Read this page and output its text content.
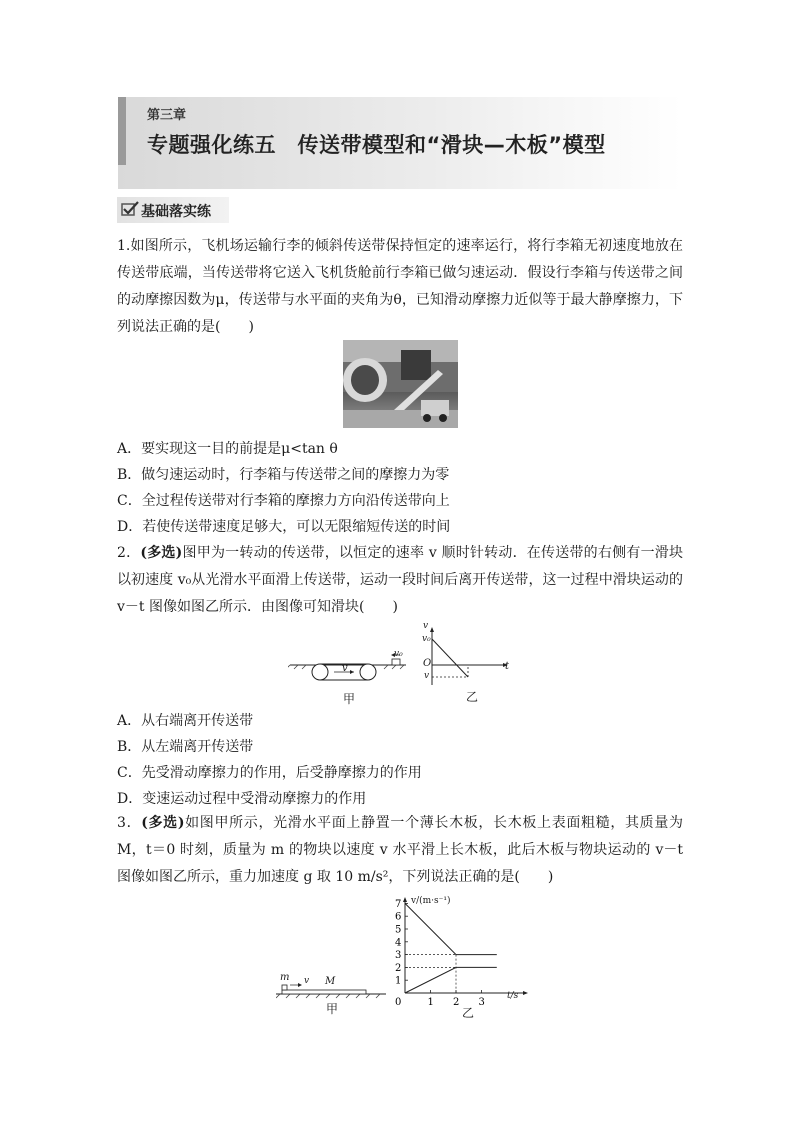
第三章
专题强化练五　传送带模型和“滑块—木板”模型
基础落实练
1.如图所示，飞机场运输行李的倾斜传送带保持恒定的速率运行，将行李箱无初速度地放在传送带底端，当传送带将它送入飞机货舱前行李箱已做匀速运动．假设行李箱与传送带之间的动摩擦因数为μ，传送带与水平面的夹角为θ，已知滑动摩擦力近似等于最大静摩擦力，下列说法正确的是(　　)
A．要实现这一目的前提是μ<tan θ
B．做匀速运动时，行李箱与传送带之间的摩擦力为零
C．全过程传送带对行李箱的摩擦力方向沿传送带向上
D．若使传送带速度足够大，可以无限缩短传送的时间
2．(多选)图甲为一转动的传送带，以恒定的速率 v 顺时针转动．在传送带的右侧有一滑块以初速度 v₀从光滑水平面滑上传送带，运动一段时间后离开传送带，这一过程中滑块运动的 v－t 图像如图乙所示．由图像可知滑块(　　)
v
v₀
甲
v
v₀
O	t
v
乙
A．从右端离开传送带
B．从左端离开传送带
C．先受滑动摩擦力的作用，后受静摩擦力的作用
D．变速运动过程中受滑动摩擦力的作用
3．(多选)如图甲所示，光滑水平面上静置一个薄长木板，长木板上表面粗糙，其质量为 M，t＝0 时刻，质量为 m 的物块以速度 v 水平滑上长木板，此后木板与物块运动的 v－t 图像如图乙所示，重力加速度 g 取 10 m/s²，下列说法正确的是(　　)
m v M
甲
1
2
3
4
5
6
7
0	1 2 3
v/(m·s⁻¹)
t/s
乙
